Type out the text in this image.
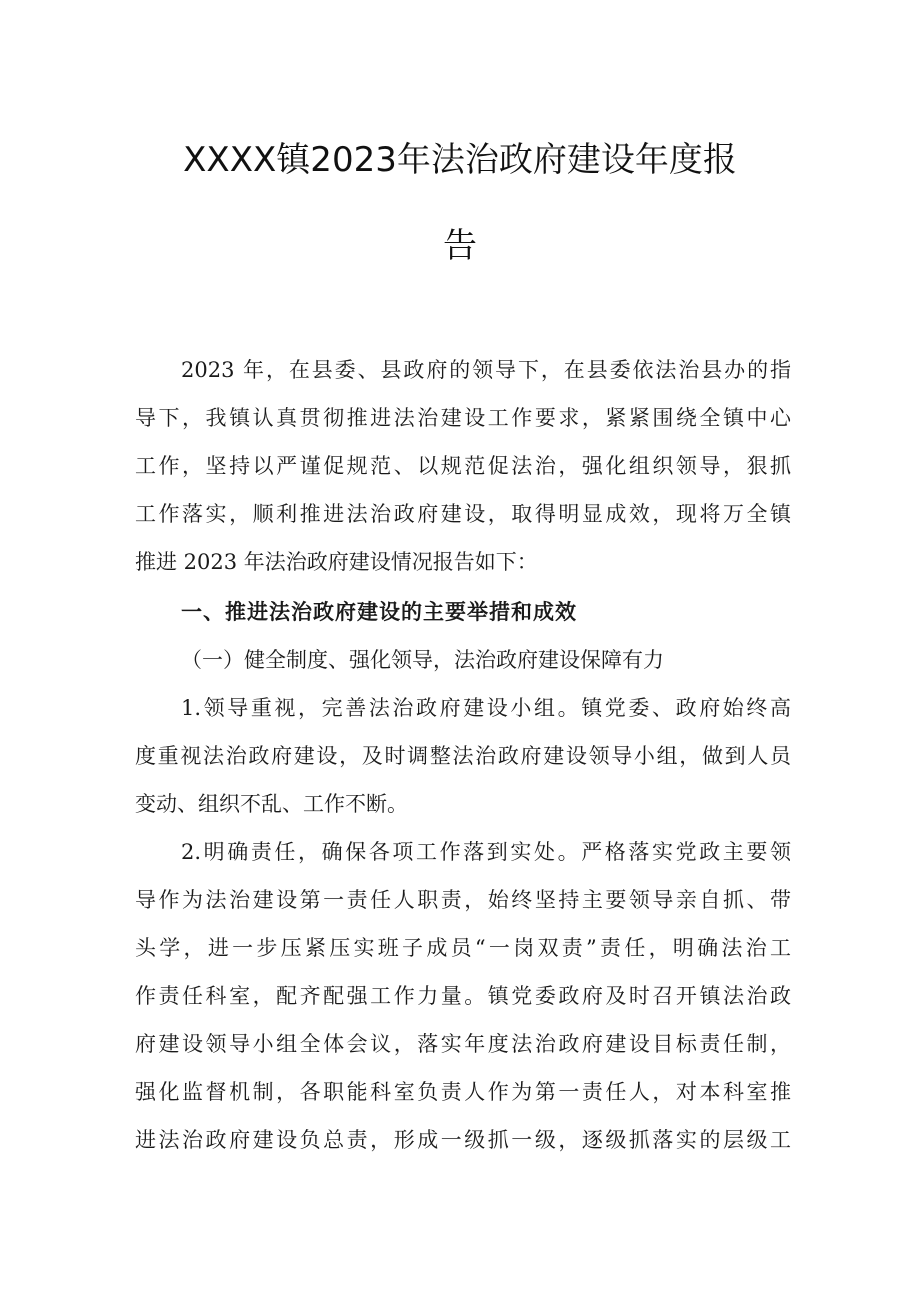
XXXX镇2023年法治政府建设年度报
告
2023 年，在县委、县政府的领导下，在县委依法治县办的指
导下，我镇认真贯彻推进法治建设工作要求，紧紧围绕全镇中心
工作，坚持以严谨促规范、以规范促法治，强化组织领导，狠抓
工作落实，顺利推进法治政府建设，取得明显成效，现将万全镇
推进 2023 年法治政府建设情况报告如下：
一、推进法治政府建设的主要举措和成效
（一）健全制度、强化领导，法治政府建设保障有力
1.领导重视，完善法治政府建设小组。镇党委、政府始终高
度重视法治政府建设，及时调整法治政府建设领导小组，做到人员
变动、组织不乱、工作不断。
2.明确责任，确保各项工作落到实处。严格落实党政主要领
导作为法治建设第一责任人职责，始终坚持主要领导亲自抓、带
头学，进一步压紧压实班子成员“一岗双责”责任，明确法治工
作责任科室，配齐配强工作力量。镇党委政府及时召开镇法治政
府建设领导小组全体会议，落实年度法治政府建设目标责任制，
强化监督机制，各职能科室负责人作为第一责任人，对本科室推
进法治政府建设负总责，形成一级抓一级，逐级抓落实的层级工
